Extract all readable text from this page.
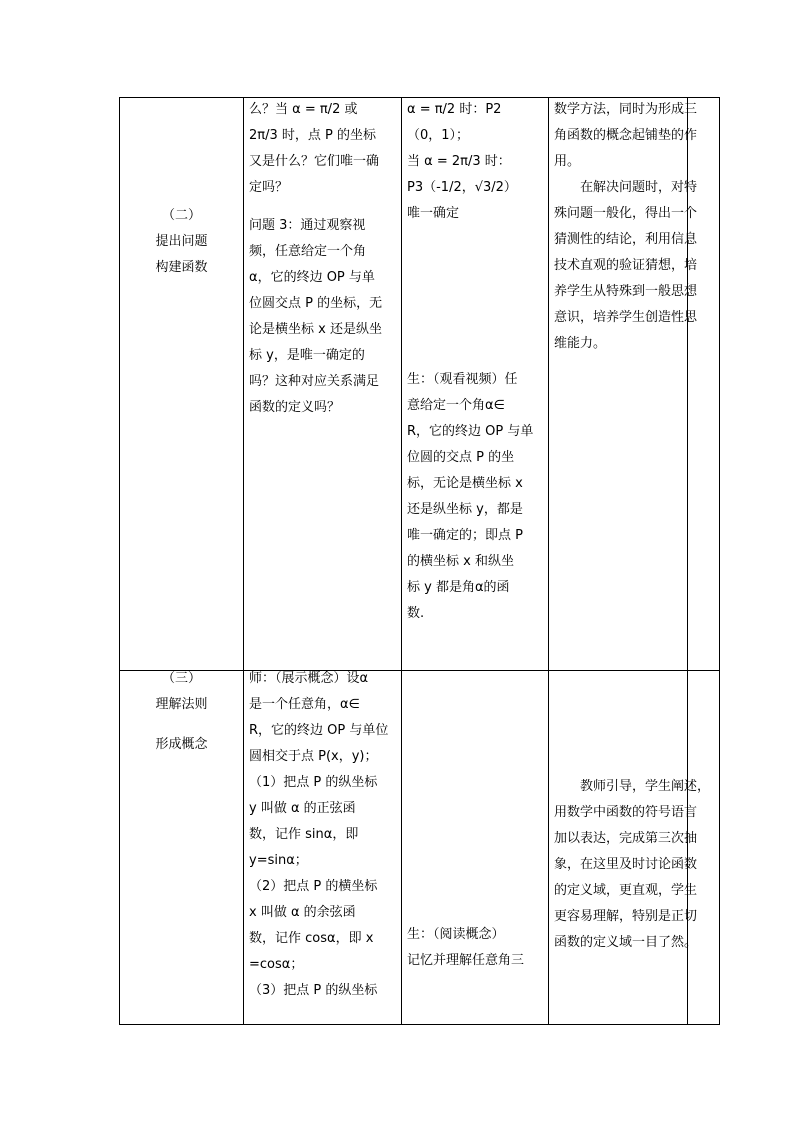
（二）
提出问题
构建函数
么？当 α = π/2 或
2π/3 时，点 P 的坐标
又是什么？它们唯一确
定吗？
问题 3：通过观察视
频，任意给定一个角
α，它的终边 OP 与单
位圆交点 P 的坐标，无
论是横坐标 x 还是纵坐
标 y，是唯一确定的
吗？这种对应关系满足
函数的定义吗？
α = π/2 时：P2
（0，1）；
当 α = 2π/3 时：
P3（-1/2，√3/2）
唯一确定
生：（观看视频）任
意给定一个角α∈
R，它的终边 OP 与单
位圆的交点 P 的坐
标，无论是横坐标 x
还是纵坐标 y，都是
唯一确定的；即点 P
的横坐标 x 和纵坐
标 y 都是角α的函
数.
数学方法，同时为形成三
角函数的概念起铺垫的作
用。
　　在解决问题时，对特
殊问题一般化，得出一个
猜测性的结论，利用信息
技术直观的验证猜想，培
养学生从特殊到一般思想
意识，培养学生创造性思
维能力。
（三）
理解法则
形成概念
师：（展示概念）设α
是一个任意角，α∈
R，它的终边 OP 与单位
圆相交于点 P(x，y)；
（1）把点 P 的纵坐标
y 叫做 α 的正弦函
数，记作 sinα，即
y=sinα；
（2）把点 P 的横坐标
x 叫做 α 的余弦函
数，记作 cosα，即 x
=cosα；
（3）把点 P 的纵坐标
生：（阅读概念）
记忆并理解任意角三
　　教师引导，学生阐述，
用数学中函数的符号语言
加以表达，完成第三次抽
象，在这里及时讨论函数
的定义域，更直观，学生
更容易理解，特别是正切
函数的定义域一目了然。
